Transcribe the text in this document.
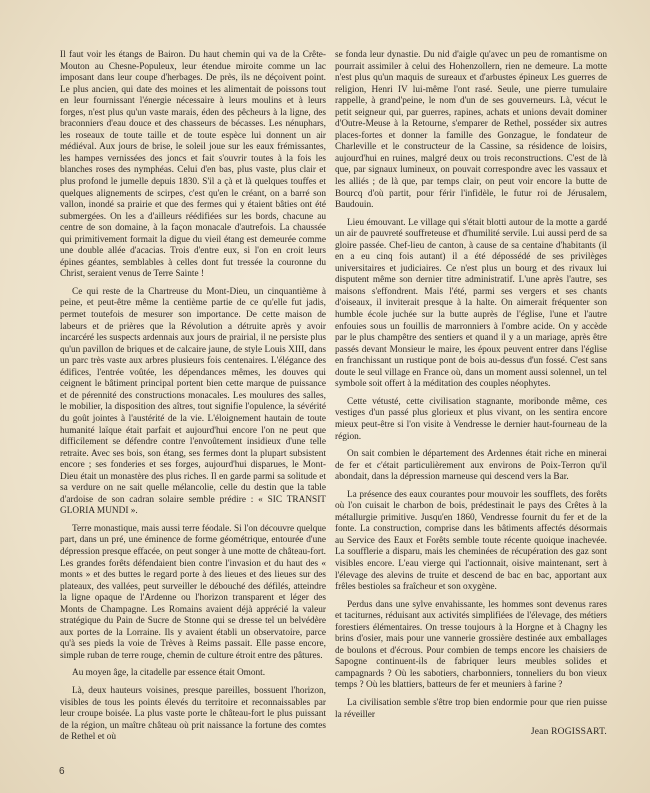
Il faut voir les étangs de Bairon. Du haut chemin qui va de la Crête-Mouton au Chesne-Populeux, leur étendue miroite comme un lac imposant dans leur coupe d'herbages. De près, ils ne déçoivent point. Le plus ancien, qui date des moines et les alimentait de poissons tout en leur fournissant l'énergie nécessaire à leurs moulins et à leurs forges, n'est plus qu'un vaste marais, éden des pêcheurs à la ligne, des braconniers d'eau douce et des chasseurs de bécasses. Les nénuphars, les roseaux de toute taille et de toute espèce lui donnent un air médiéval. Aux jours de brise, le soleil joue sur les eaux frémissantes, les hampes vernissées des joncs et fait s'ouvrir toutes à la fois les blanches roses des nymphéas. Celui d'en bas, plus vaste, plus clair et plus profond le jumelle depuis 1830. S'il a çà et là quelques touffes et quelques alignements de scirpes, c'est qu'en le créant, on a barré son vallon, inondé sa prairie et que des fermes qui y étaient bâties ont été submergées. On les a d'ailleurs réédifiées sur les bords, chacune au centre de son domaine, à la façon monacale d'autrefois. La chaussée qui primitivement formait la digue du vieil étang est demeurée comme une double allée d'acacias. Trois d'entre eux, si l'on en croit leurs épines géantes, semblables à celles dont fut tressée la couronne du Christ, seraient venus de Terre Sainte !

Ce qui reste de la Chartreuse du Mont-Dieu, un cinquantième à peine, et peut-être même la centième partie de ce qu'elle fut jadis, permet toutefois de mesurer son importance. De cette maison de labeurs et de prières que la Révolution a détruite après y avoir incarcéré les suspects ardennais aux jours de prairial, il ne persiste plus qu'un pavillon de briques et de calcaire jaune, de style Louis XIII, dans un parc très vaste aux arbres plusieurs fois centenaires. L'élégance des édifices, l'entrée voûtée, les dépendances mêmes, les douves qui ceignent le bâtiment principal portent bien cette marque de puissance et de pérennité des constructions monacales. Les moulures des salles, le mobilier, la disposition des aîtres, tout signifie l'opulence, la sévérité du goût jointes à l'austérité de la vie. L'éloignement hautain de toute humanité laïque était parfait et aujourd'hui encore l'on ne peut que difficilement se défendre contre l'envoûtement insidieux d'une telle retraite. Avec ses bois, son étang, ses fermes dont la plupart subsistent encore ; ses fonderies et ses forges, aujourd'hui disparues, le Mont-Dieu était un monastère des plus riches. Il en garde parmi sa solitude et sa verdure on ne sait quelle mélancolie, celle du destin que la table d'ardoise de son cadran solaire semble prédire : « SIC TRANSIT GLORIA MUNDI ».

Terre monastique, mais aussi terre féodale. Si l'on découvre quelque part, dans un pré, une éminence de forme géométrique, entourée d'une dépression presque effacée, on peut songer à une motte de château-fort. Les grandes forêts défendaient bien contre l'invasion et du haut des « monts » et des buttes le regard porte à des lieues et des lieues sur des plateaux, des vallées, peut surveiller le débouché des défilés, atteindre la ligne opaque de l'Ardenne ou l'horizon transparent et léger des Monts de Champagne. Les Romains avaient déjà apprécié la valeur stratégique du Pain de Sucre de Stonne qui se dresse tel un belvédère aux portes de la Lorraine. Ils y avaient établi un observatoire, parce qu'à ses pieds la voie de Trèves à Reims passait. Elle passe encore, simple ruban de terre rouge, chemin de culture étroit entre des pâtures.

Au moyen âge, la citadelle par essence était Omont.

Là, deux hauteurs voisines, presque pareilles, bossuent l'horizon, visibles de tous les points élevés du territoire et reconnaissables par leur croupe boisée. La plus vaste porte le château-fort le plus puissant de la région, un maître château où prit naissance la fortune des comtes de Rethel et où

se fonda leur dynastie. Du nid d'aigle qu'avec un peu de romantisme on pourrait assimiler à celui des Hohenzollern, rien ne demeure. La motte n'est plus qu'un maquis de sureaux et d'arbustes épineux Les guerres de religion, Henri IV lui-même l'ont rasé. Seule, une pierre tumulaire rappelle, à grand'peine, le nom d'un de ses gouverneurs. Là, vécut le petit seigneur qui, par guerres, rapines, achats et unions devait dominer d'Outre-Meuse à la Retourne, s'emparer de Rethel, posséder six autres places-fortes et donner la famille des Gonzague, le fondateur de Charleville et le constructeur de la Cassine, sa résidence de loisirs, aujourd'hui en ruines, malgré deux ou trois reconstructions. C'est de là que, par signaux lumineux, on pouvait correspondre avec les vassaux et les alliés ; de là que, par temps clair, on peut voir encore la butte de Bourcq d'où partit, pour férir l'infidèle, le futur roi de Jérusalem, Baudouin.

Lieu émouvant. Le village qui s'était blotti autour de la motte a gardé un air de pauvreté souffreteuse et d'humilité servile. Lui aussi perd de sa gloire passée. Chef-lieu de canton, à cause de sa centaine d'habitants (il en a eu cinq fois autant) il a été dépossédé de ses privilèges universitaires et judiciaires. Ce n'est plus un bourg et des rivaux lui disputent même son dernier titre administratif. L'une après l'autre, ses maisons s'effondrent. Mais l'été, parmi ses vergers et ses chants d'oiseaux, il inviterait presque à la halte. On aimerait fréquenter son humble école juchée sur la butte auprès de l'église, l'une et l'autre enfouies sous un fouillis de marronniers à l'ombre acide. On y accède par le plus champêtre des sentiers et quand il y a un mariage, après être passés devant Monsieur le maire, les époux peuvent entrer dans l'église en franchissant un rustique pont de bois au-dessus d'un fossé. C'est sans doute le seul village en France où, dans un moment aussi solennel, un tel symbole soit offert à la méditation des couples néophytes.

Cette vétusté, cette civilisation stagnante, moribonde même, ces vestiges d'un passé plus glorieux et plus vivant, on les sentira encore mieux peut-être si l'on visite à Vendresse le dernier haut-fourneau de la région.

On sait combien le département des Ardennes était riche en minerai de fer et c'était particulièrement aux environs de Poix-Terron qu'il abondait, dans la dépression marneuse qui descend vers la Bar.

La présence des eaux courantes pour mouvoir les soufflets, des forêts où l'on cuisait le charbon de bois, prédestinait le pays des Crêtes à la métallurgie primitive. Jusqu'en 1860, Vendresse fournit du fer et de la fonte. La construction, comprise dans les bâtiments affectés désormais au Service des Eaux et Forêts semble toute récente quoique inachevée. La soufflerie a disparu, mais les cheminées de récupération des gaz sont visibles encore. L'eau vierge qui l'actionnait, oisive maintenant, sert à l'élevage des alevins de truite et descend de bac en bac, apportant aux frêles bestioles sa fraîcheur et son oxygène.

Perdus dans une sylve envahissante, les hommes sont devenus rares et taciturnes, réduisant aux activités simplifiées de l'élevage, des métiers forestiers élémentaires. On tresse toujours à la Horgne et à Chagny les brins d'osier, mais pour une vannerie grossière destinée aux emballages de boulons et d'écrous. Pour combien de temps encore les chaisiers de Sapogne continuent-ils de fabriquer leurs meubles solides et campagnards ? Où les sabotiers, charbonniers, tonneliers du bon vieux temps ? Où les blattiers, batteurs de fer et meuniers à farine ?

La civilisation semble s'être trop bien endormie pour que rien puisse la réveiller

Jean ROGISSART.

6
